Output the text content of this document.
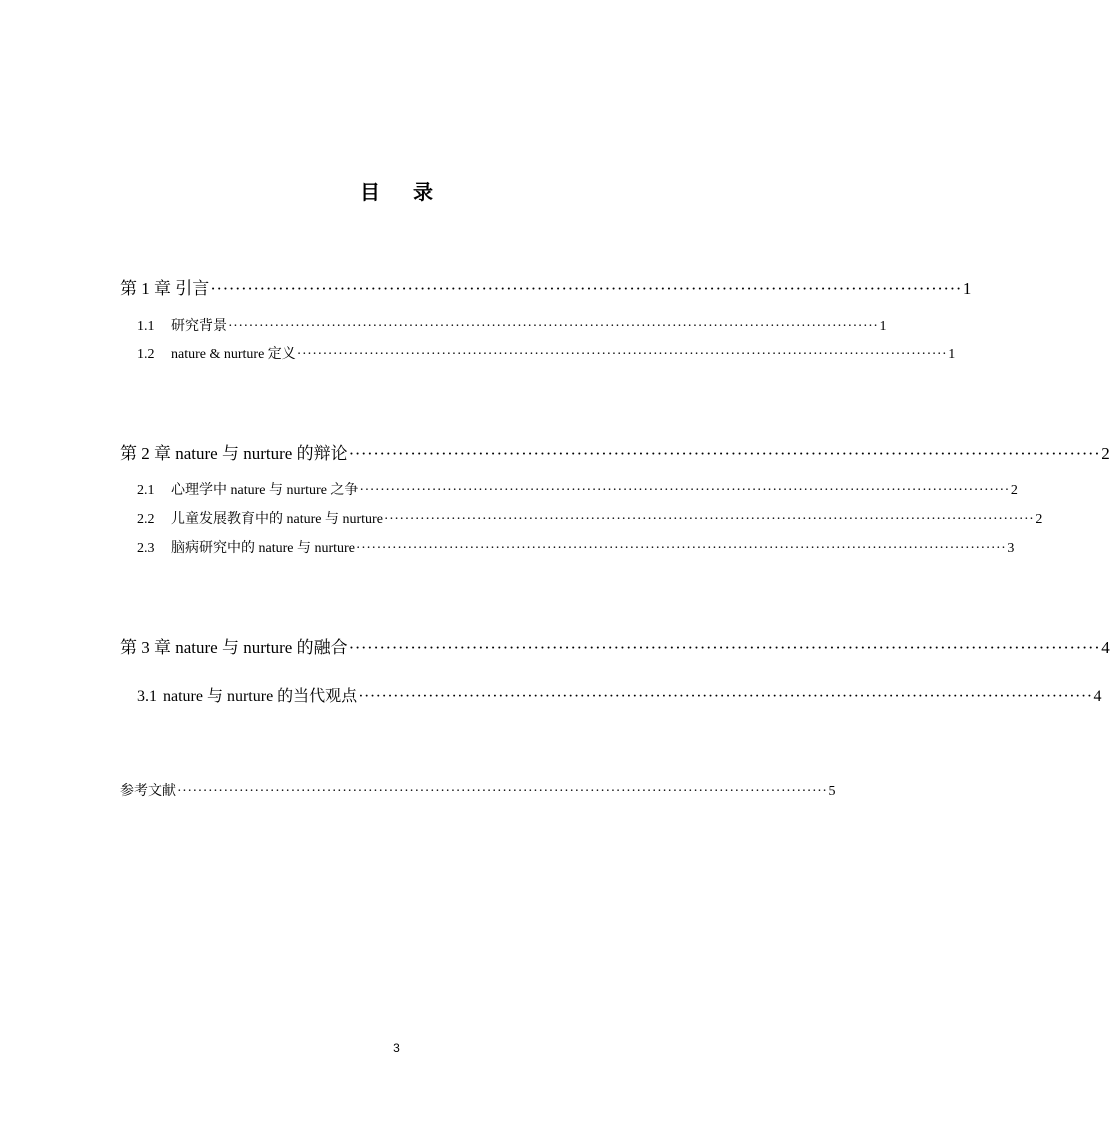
目 录
第 1 章 引言 ·························································································································· 1
1.1	研究背景 ······························································································································ 1
1.2	nature & nurture 定义 ······························································································································ 1
第 2 章 nature 与 nurture 的辩论 ·························································································································· 2
2.1	心理学中 nature 与 nurture 之争 ······························································································································ 2
2.2	儿童发展教育中的 nature 与 nurture ······························································································································ 2
2.3	脑病研究中的 nature 与 nurture ······························································································································ 3
第 3 章 nature 与 nurture 的融合 ·························································································································· 4
3.1 nature 与 nurture 的当代观点 ······························································································································ 4
参考文献 ······························································································································ 5
3
